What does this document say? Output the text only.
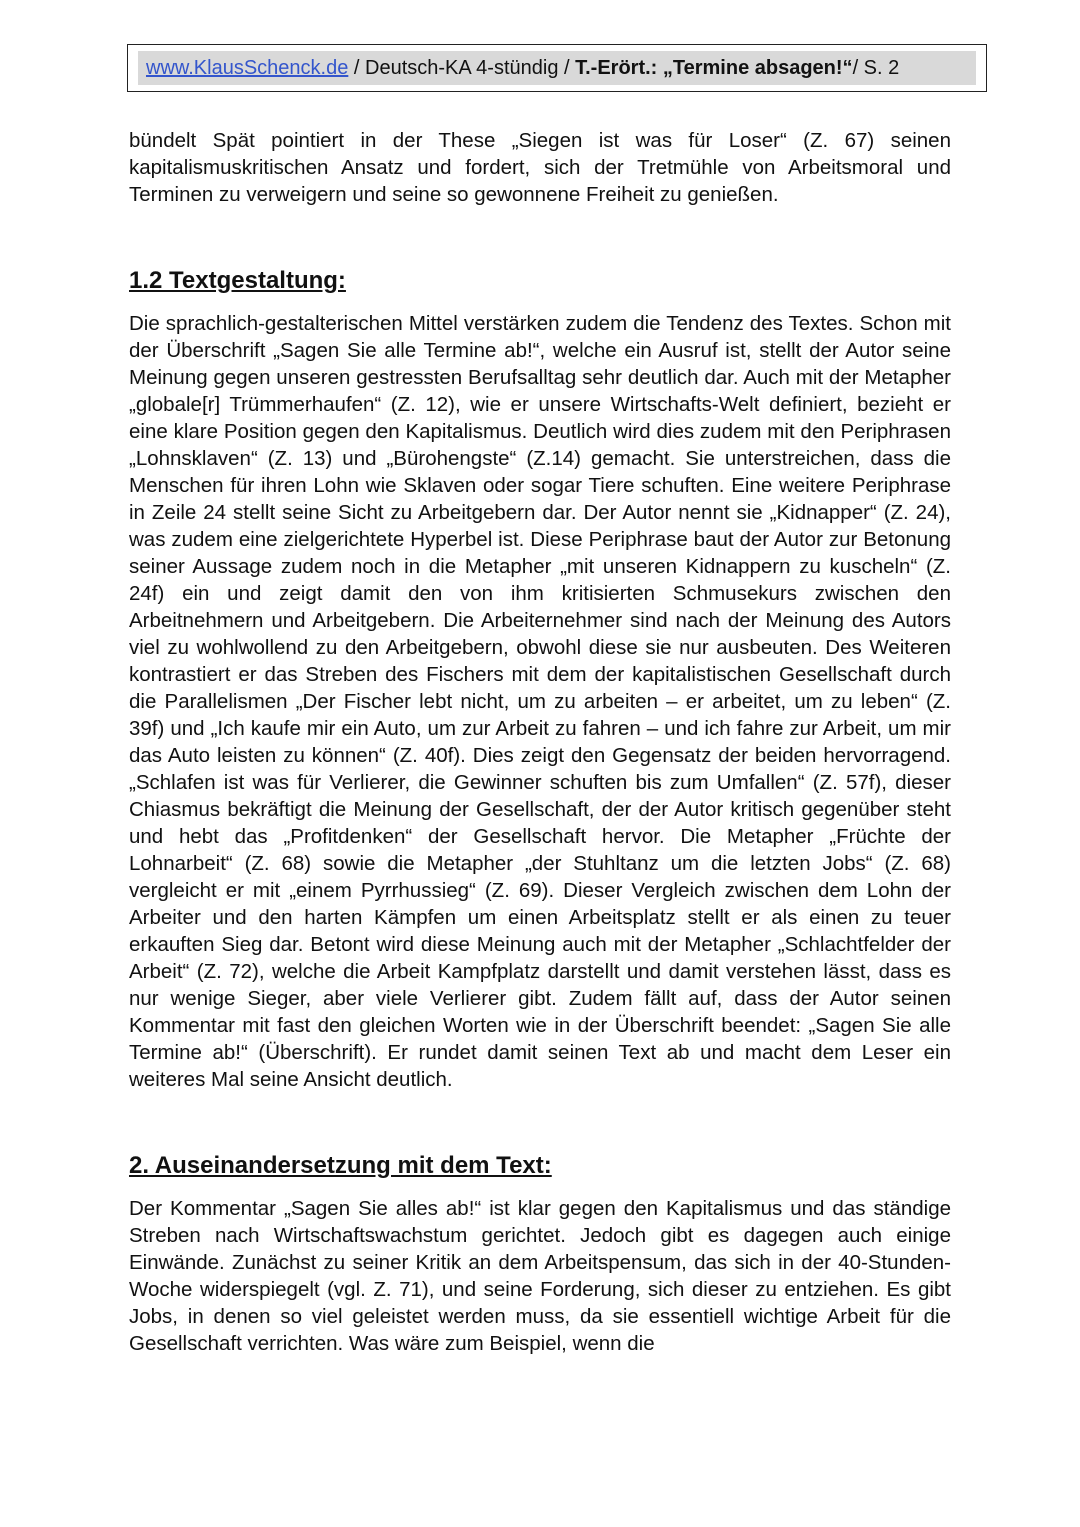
www.KlausSchenck.de / Deutsch-KA 4-stündig / T.-Erört.: „Termine absagen!“/ S. 2

bündelt Spät pointiert in der These „Siegen ist was für Loser“ (Z. 67) seinen kapitalismuskritischen Ansatz und fordert, sich der Tretmühle von Arbeitsmoral und Terminen zu verweigern und seine so gewonnene Freiheit zu genießen.

1.2 Textgestaltung:

Die sprachlich-gestalterischen Mittel verstärken zudem die Tendenz des Textes. Schon mit der Überschrift „Sagen Sie alle Termine ab!“, welche ein Ausruf ist, stellt der Autor seine Meinung gegen unseren gestressten Berufsalltag sehr deutlich dar. Auch mit der Metapher „globale[r] Trümmerhaufen“ (Z. 12), wie er unsere Wirtschafts-Welt definiert, bezieht er eine klare Position gegen den Kapitalismus. Deutlich wird dies zudem mit den Periphrasen „Lohnsklaven“ (Z. 13) und „Bürohengste“ (Z.14) gemacht. Sie unterstreichen, dass die Menschen für ihren Lohn wie Sklaven oder sogar Tiere schuften. Eine weitere Periphrase in Zeile 24 stellt seine Sicht zu Arbeitgebern dar. Der Autor nennt sie „Kidnapper“ (Z. 24), was zudem eine zielgerichtete Hyperbel ist. Diese Periphrase baut der Autor zur Betonung seiner Aussage zudem noch in die Metapher „mit unseren Kidnappern zu kuscheln“ (Z. 24f) ein und zeigt damit den von ihm kritisierten Schmusekurs zwischen den Arbeitnehmern und Arbeitgebern. Die Arbeiternehmer sind nach der Meinung des Autors viel zu wohlwollend zu den Arbeitgebern, obwohl diese sie nur ausbeuten. Des Weiteren kontrastiert er das Streben des Fischers mit dem der kapitalistischen Gesellschaft durch die Parallelismen „Der Fischer lebt nicht, um zu arbeiten – er arbeitet, um zu leben“ (Z. 39f) und „Ich kaufe mir ein Auto, um zur Arbeit zu fahren – und ich fahre zur Arbeit, um mir das Auto leisten zu können“ (Z. 40f). Dies zeigt den Gegensatz der beiden hervorragend. „Schlafen ist was für Verlierer, die Gewinner schuften bis zum Umfallen“ (Z. 57f), dieser Chiasmus bekräftigt die Meinung der Gesellschaft, der der Autor kritisch gegenüber steht und hebt das „Profitdenken“ der Gesellschaft hervor. Die Metapher „Früchte der Lohnarbeit“ (Z. 68) sowie die Metapher „der Stuhltanz um die letzten Jobs“ (Z. 68) vergleicht er mit „einem Pyrrhussieg“ (Z. 69). Dieser Vergleich zwischen dem Lohn der Arbeiter und den harten Kämpfen um einen Arbeitsplatz stellt er als einen zu teuer erkauften Sieg dar. Betont wird diese Meinung auch mit der Metapher „Schlachtfelder der Arbeit“ (Z. 72), welche die Arbeit Kampfplatz darstellt und damit verstehen lässt, dass es nur wenige Sieger, aber viele Verlierer gibt. Zudem fällt auf, dass der Autor seinen Kommentar mit fast den gleichen Worten wie in der Überschrift beendet: „Sagen Sie alle Termine ab!“ (Überschrift). Er rundet damit seinen Text ab und macht dem Leser ein weiteres Mal seine Ansicht deutlich.

2. Auseinandersetzung mit dem Text:

Der Kommentar „Sagen Sie alles ab!“ ist klar gegen den Kapitalismus und das ständige Streben nach Wirtschaftswachstum gerichtet. Jedoch gibt es dagegen auch einige Einwände. Zunächst zu seiner Kritik an dem Arbeitspensum, das sich in der 40-Stunden-Woche widerspiegelt (vgl. Z. 71), und seine Forderung, sich dieser zu entziehen. Es gibt Jobs, in denen so viel geleistet werden muss, da sie essentiell wichtige Arbeit für die Gesellschaft verrichten. Was wäre zum Beispiel, wenn die
